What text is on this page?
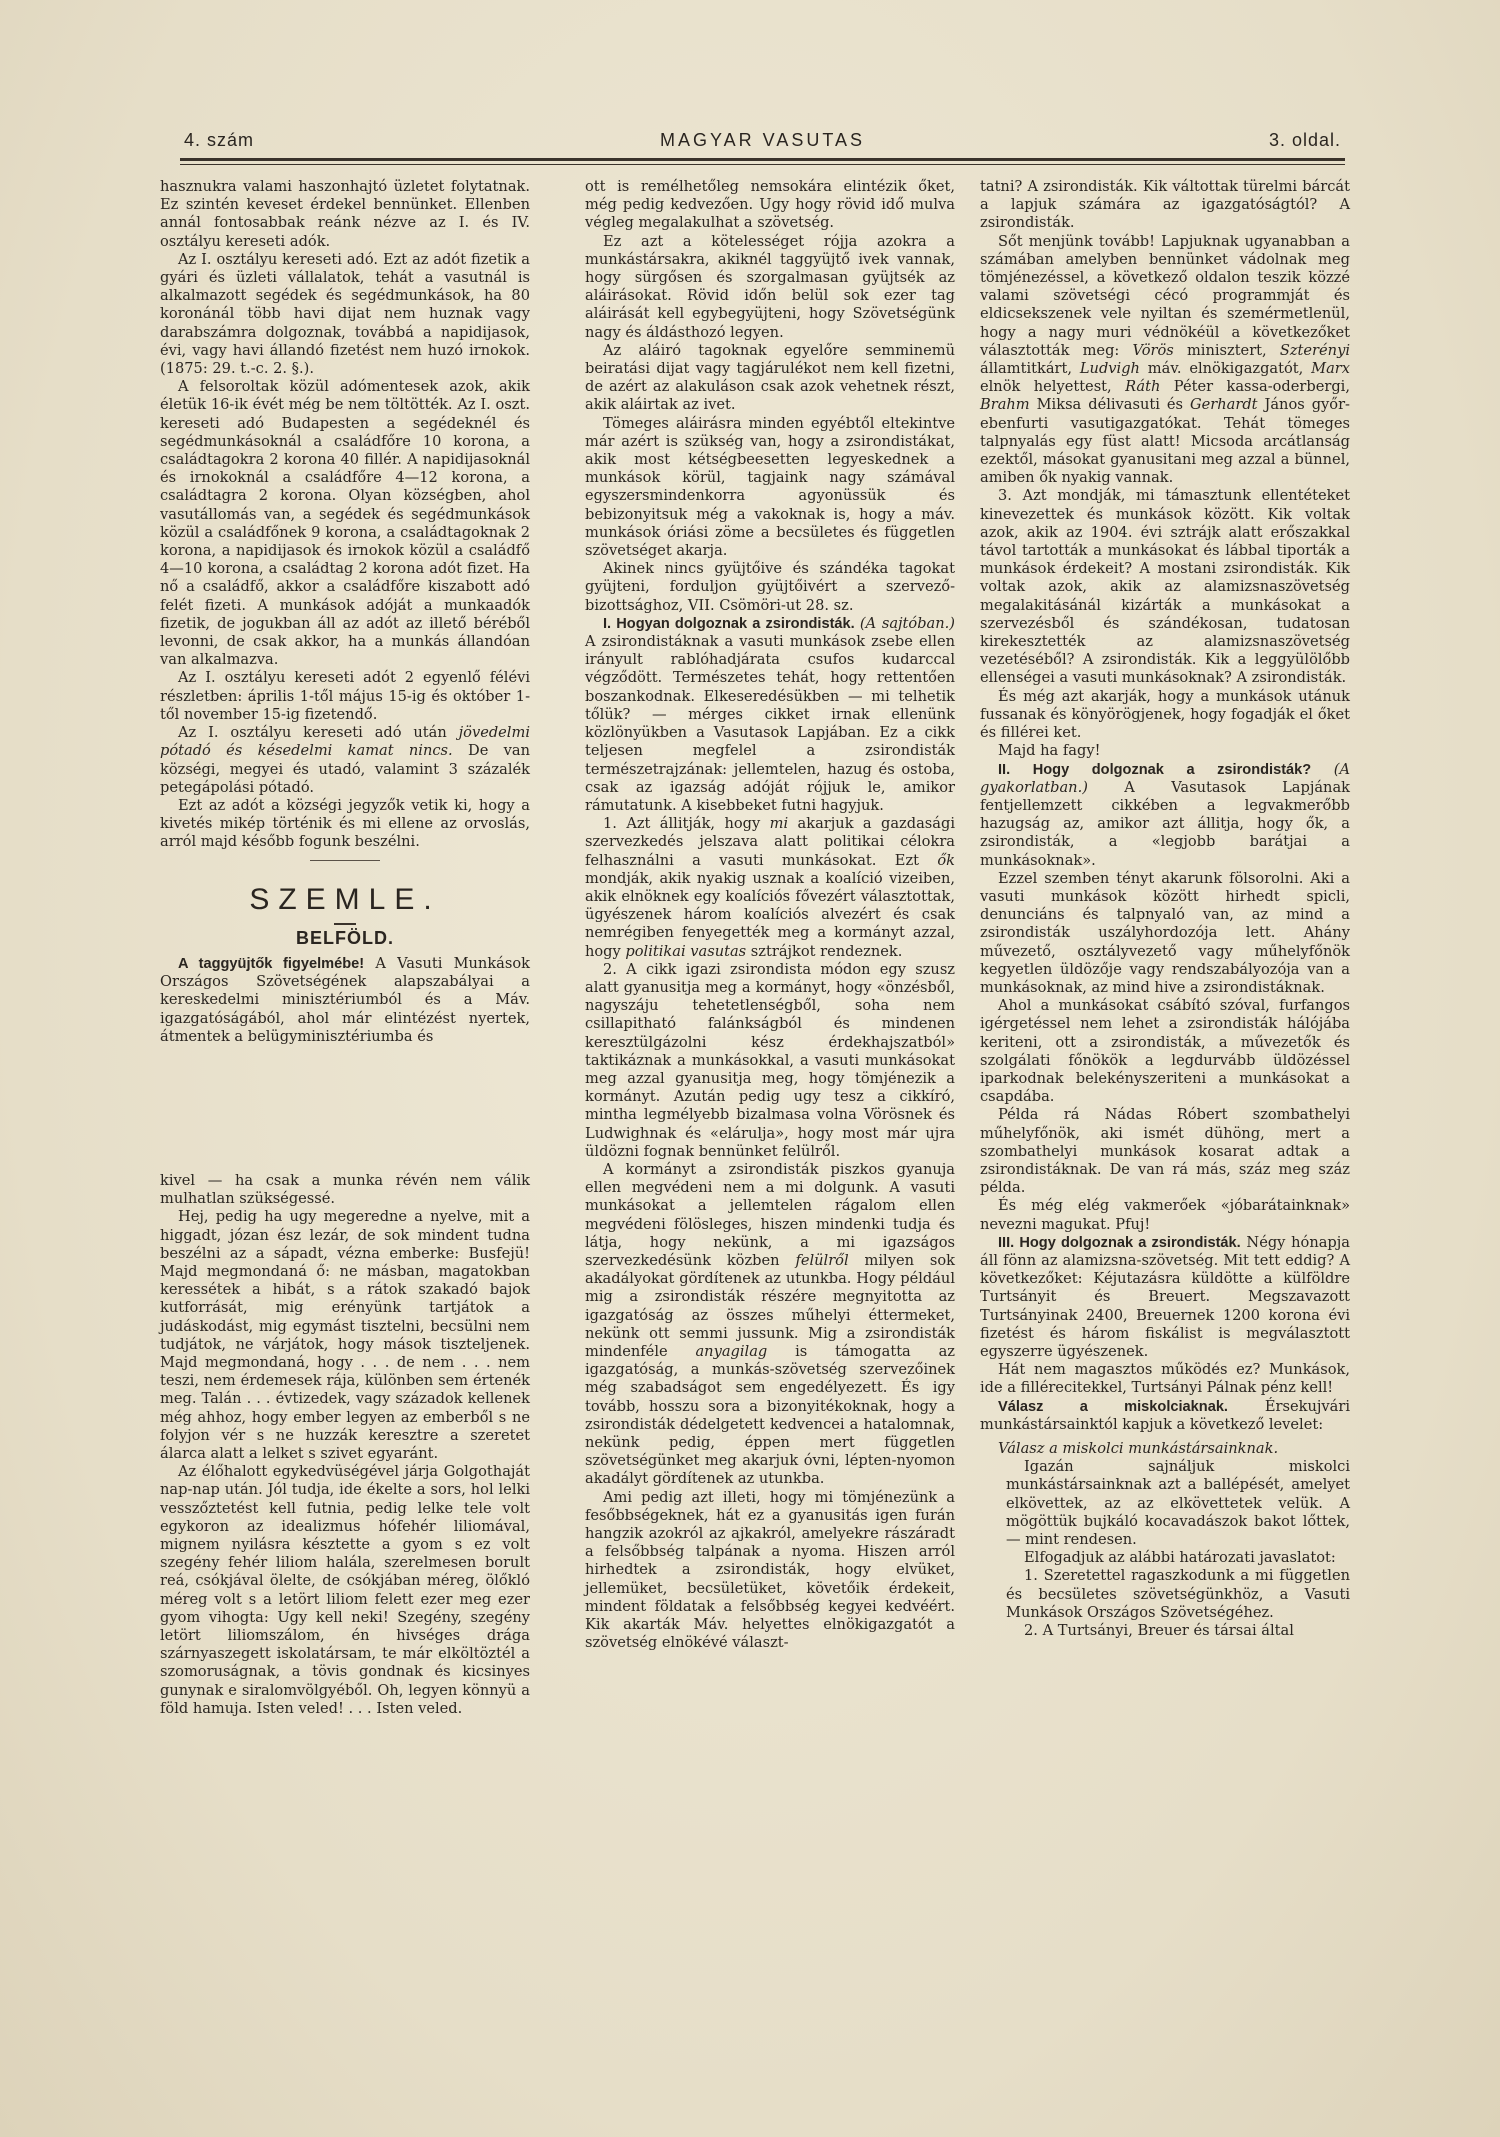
4. szám	MAGYAR VASUTAS	3. oldal.

hasznukra valami haszonhajtó üzletet folytatnak. Ez szintén keveset érdekel bennünket. Ellenben annál fontosabbak reánk nézve az I. és IV. osztályu kereseti adók.

Az I. osztályu kereseti adó. Ezt az adót fizetik a gyári és üzleti vállalatok, tehát a vasutnál is alkalmazott segédek és segédmunkások, ha 80 koronánál több havi dijat nem huznak vagy darabszámra dolgoznak, továbbá a napidijasok, évi, vagy havi állandó fizetést nem huzó irnokok. (1875: 29. t.-c. 2. §.).

A felsoroltak közül adómentesek azok, akik életük 16-ik évét még be nem töltötték. Az I. oszt. kereseti adó Budapesten a segédeknél és segédmunkásoknál a családfőre 10 korona, a családtagokra 2 korona 40 fillér. A napidijasoknál és irnokoknál a családfőre 4—12 korona, a családtagra 2 korona. Olyan községben, ahol vasutállomás van, a segédek és segédmunkások közül a családfőnek 9 korona, a családtagoknak 2 korona, a napidijasok és irnokok közül a családfő 4—10 korona, a családtag 2 korona adót fizet. Ha nő a családfő, akkor a családfőre kiszabott adó felét fizeti. A munkások adóját a munkaadók fizetik, de jogukban áll az adót az illető béréből levonni, de csak akkor, ha a munkás állandóan van alkalmazva.

Az I. osztályu kereseti adót 2 egyenlő félévi részletben: április 1-től május 15-ig és október 1-től november 15-ig fizetendő.

Az I. osztályu kereseti adó után jövedelmi pótadó és késedelmi kamat nincs. De van községi, megyei és utadó, valamint 3 százalék petegápolási pótadó.

Ezt az adót a községi jegyzők vetik ki, hogy a kivetés mikép történik és mi ellene az orvoslás, arról majd később fogunk beszélni.

SZEMLE.
BELFÖLD.

A taggyüjtők figyelmébe! A Vasuti Munkások Országos Szövetségének alapszabályai a kereskedelmi minisztériumból és a Máv. igazgatóságából, ahol már elintézést nyertek, átmentek a belügyminisztériumba és

kivel — ha csak a munka révén nem válik mulhatlan szükségessé.

Hej, pedig ha ugy megeredne a nyelve, mit a higgadt, józan ész lezár, de sok mindent tudna beszélni az a sápadt, vézna emberke: Busfejü! Majd megmondaná ő: ne másban, magatokban keressétek a hibát, s a rátok szakadó bajok kutforrását, mig erényünk tartjátok a judáskodást, mig egymást tisztelni, becsülni nem tudjátok, ne várjátok, hogy mások tiszteljenek. Majd megmondaná, hogy . . . de nem . . . nem teszi, nem érdemesek rája, különben sem értenék meg. Talán . . . évtizedek, vagy századok kellenek még ahhoz, hogy ember legyen az emberből s ne folyjon vér s ne huzzák keresztre a szeretet álarca alatt a lelket s szivet egyaránt.

Az élőhalott egykedvüségével járja Golgothaját nap-nap után. Jól tudja, ide ékelte a sors, hol lelki vesszőztetést kell futnia, pedig lelke tele volt egykoron az idealizmus hófehér liliomával, mignem nyilásra késztette a gyom s ez volt szegény fehér liliom halála, szerelmesen borult reá, csókjával ölelte, de csókjában méreg, ölőkló méreg volt s a letört liliom felett ezer meg ezer gyom vihogta: Ugy kell neki! Szegény, szegény letört liliomszálom, én hivséges drága szárnyaszegett iskolatársam, te már elköltöztél a szomoruságnak, a tövis gondnak és kicsinyes gunynak e siralomvölgyéből. Oh, legyen könnyü a föld hamuja. Isten veled! . . . Isten veled.

ott is remélhetőleg nemsokára elintézik őket, még pedig kedvezően. Ugy hogy rövid idő mulva végleg megalakulhat a szövetség.

Ez azt a kötelességet rójja azokra a munkástársakra, akiknél taggyüjtő ivek vannak, hogy sürgősen és szorgalmasan gyüjtsék az aláirásokat. Rövid időn belül sok ezer tag aláirását kell egybegyüjteni, hogy Szövetségünk nagy és áldásthozó legyen.

Az aláiró tagoknak egyelőre semminemü beiratási dijat vagy tagjárulékot nem kell fizetni, de azért az alakuláson csak azok vehetnek részt, akik aláirtak az ivet.

Tömeges aláirásra minden egyébtől eltekintve már azért is szükség van, hogy a zsirondistákat, akik most kétségbeesetten legyeskednek a munkások körül, tagjaink nagy számával egyszersmindenkorra agyonüssük és bebizonyitsuk még a vakoknak is, hogy a máv. munkások óriási zöme a becsületes és független szövetséget akarja.

Akinek nincs gyüjtőive és szándéka tagokat gyüjteni, forduljon gyüjtőivért a szervező-bizottsághoz, VII. Csömöri-ut 28. sz.

I. Hogyan dolgoznak a zsirondisták. (A sajtóban.) A zsirondistáknak a vasuti munkások zsebe ellen irányult rablóhadjárata csufos kudarccal végződött. Természetes tehát, hogy rettentően boszankodnak. Elkeseredésükben — mi telhetik tőlük? — mérges cikket irnak ellenünk közlönyükben a Vasutasok Lapjában. Ez a cikk teljesen megfelel a zsirondisták természetrajzának: jellemtelen, hazug és ostoba, csak az igazság adóját rójjuk le, amikor rámutatunk. A kisebbeket futni hagyjuk.

1. Azt állitják, hogy mi akarjuk a gazdasági szervezkedés jelszava alatt politikai célokra felhasználni a vasuti munkásokat. Ezt ők mondják, akik nyakig usznak a koalíció vizeiben, akik elnöknek egy koalíciós fővezért választottak, ügyészenek három koalíciós alvezért és csak nemrégiben fenyegették meg a kormányt azzal, hogy politikai vasutas sztrájkot rendeznek.

2. A cikk igazi zsirondista módon egy szusz alatt gyanusitja meg a kormányt, hogy «önzésből, nagyszáju tehetetlenségből, soha nem csillapitható falánkságból és mindenen keresztülgázolni kész érdekhajszatból» taktikáznak a munkásokkal, a vasuti munkásokat meg azzal gyanusitja meg, hogy tömjénezik a kormányt. Azután pedig ugy tesz a cikkíró, mintha legmélyebb bizalmasa volna Vörösnek és Ludwighnak és «elárulja», hogy most már ujra üldözni fognak bennünket felülről.

A kormányt a zsirondisták piszkos gyanuja ellen megvédeni nem a mi dolgunk. A vasuti munkásokat a jellemtelen rágalom ellen megvédeni fölösleges, hiszen mindenki tudja és látja, hogy nekünk, a mi igazságos szervezkedésünk közben felülről milyen sok akadályokat gördítenek az utunkba. Hogy például mig a zsirondisták részére megnyitotta az igazgatóság az összes műhelyi éttermeket, nekünk ott semmi jussunk. Mig a zsirondisták mindenféle anyagilag is támogatta az igazgatóság, a munkás-szövetség szervezőinek még szabadságot sem engedélyezett. És igy tovább, hosszu sora a bizonyitékoknak, hogy a zsirondisták dédelgetett kedvencei a hatalomnak, nekünk pedig, éppen mert független szövetségünket meg akarjuk óvni, lépten-nyomon akadályt gördítenek az utunkba.

Ami pedig azt illeti, hogy mi tömjénezünk a fesőbbségeknek, hát ez a gyanusitás igen furán hangzik azokról az ajkakról, amelyekre rászáradt a felsőbbség talpának a nyoma. Hiszen arról hirhedtek a zsirondisták, hogy elvüket, jellemüket, becsületüket, követőik érdekeit, mindent földatak a felsőbbség kegyei kedvéért. Kik akarták Máv. helyettes elnökigazgatót a szövetség elnökévé választ-

tatni? A zsirondisták. Kik váltottak türelmi bárcát a lapjuk számára az igazgatóságtól? A zsirondisták.

Sőt menjünk tovább! Lapjuknak ugyanabban a számában amelyben bennünket vádolnak meg tömjénezéssel, a következő oldalon teszik közzé valami szövetségi cécó programmját és eldicsekszenek vele nyiltan és szemérmetlenül, hogy a nagy muri védnökéül a következőket választották meg: Vörös minisztert, Szterényi államtitkárt, Ludvigh máv. elnökigazgatót, Marx elnök helyettest, Ráth Péter kassa-oderbergi, Brahm Miksa délivasuti és Gerhardt János győr-ebenfurti vasutigazgatókat. Tehát tömeges talpnyalás egy füst alatt! Micsoda arcátlanság ezektől, másokat gyanusitani meg azzal a bünnel, amiben ők nyakig vannak.

3. Azt mondják, mi támasztunk ellentéteket kinevezettek és munkások között. Kik voltak azok, akik az 1904. évi sztrájk alatt erőszakkal távol tartották a munkásokat és lábbal tiporták a munkások érdekeit? A mostani zsirondisták. Kik voltak azok, akik az alamizsnaszövetség megalakitásánál kizárták a munkásokat a szervezésből és szándékosan, tudatosan kirekesztették az alamizsnaszövetség vezetéséből? A zsirondisták. Kik a leggyülölőbb ellenségei a vasuti munkásoknak? A zsirondisták.

És még azt akarják, hogy a munkások utánuk fussanak és könyörögjenek, hogy fogadják el őket és fillérei ket.

Majd ha fagy!

II. Hogy dolgoznak a zsirondisták? (A gyakorlatban.) A Vasutasok Lapjának fentjellemzett cikkében a legvakmerőbb hazugság az, amikor azt állitja, hogy ők, a zsirondisták, a «legjobb barátjai a munkásoknak».

Ezzel szemben tényt akarunk fölsorolni. Aki a vasuti munkások között hirhedt spicli, denunciáns és talpnyaló van, az mind a zsirondisták uszályhordozója lett. Ahány művezető, osztályvezető vagy műhelyfőnök kegyetlen üldözője vagy rendszabályozója van a munkásoknak, az mind hive a zsirondistáknak.

Ahol a munkásokat csábító szóval, furfangos igérgetéssel nem lehet a zsirondisták hálójába keriteni, ott a zsirondisták, a művezetők és szolgálati főnökök a legdurvább üldözéssel iparkodnak belekényszeriteni a munkásokat a csapdába.

Példa rá Nádas Róbert szombathelyi műhelyfőnök, aki ismét dühöng, mert a szombathelyi munkások kosarat adtak a zsirondistáknak. De van rá más, száz meg száz példa.

És még elég vakmerőek «jóbarátainknak» nevezni magukat. Pfuj!

III. Hogy dolgoznak a zsirondisták. Négy hónapja áll fönn az alamizsna-szövetség. Mit tett eddig? A következőket: Kéjutazásra küldötte a külföldre Turtsányit és Breuert. Megszavazott Turtsányinak 2400, Breuernek 1200 korona évi fizetést és három fiskálist is megválasztott egyszerre ügyészenek.

Hát nem magasztos működés ez? Munkások, ide a fillérecitekkel, Turtsányi Pálnak pénz kell!

Válasz a miskolciaknak. Érsekujvári munkástársainktól kapjuk a következő levelet:

Válasz a miskolci munkástársainknak.

Igazán sajnáljuk miskolci munkástársainknak azt a ballépését, amelyet elkövettek, az az elkövettetek velük. A mögöttük bujkáló kocavadászok bakot lőttek, — mint rendesen.

Elfogadjuk az alábbi határozati javaslatot:

1. Szeretettel ragaszkodunk a mi független és becsületes szövetségünkhöz, a Vasuti Munkások Országos Szövetségéhez.

2. A Turtsányi, Breuer és társai által
